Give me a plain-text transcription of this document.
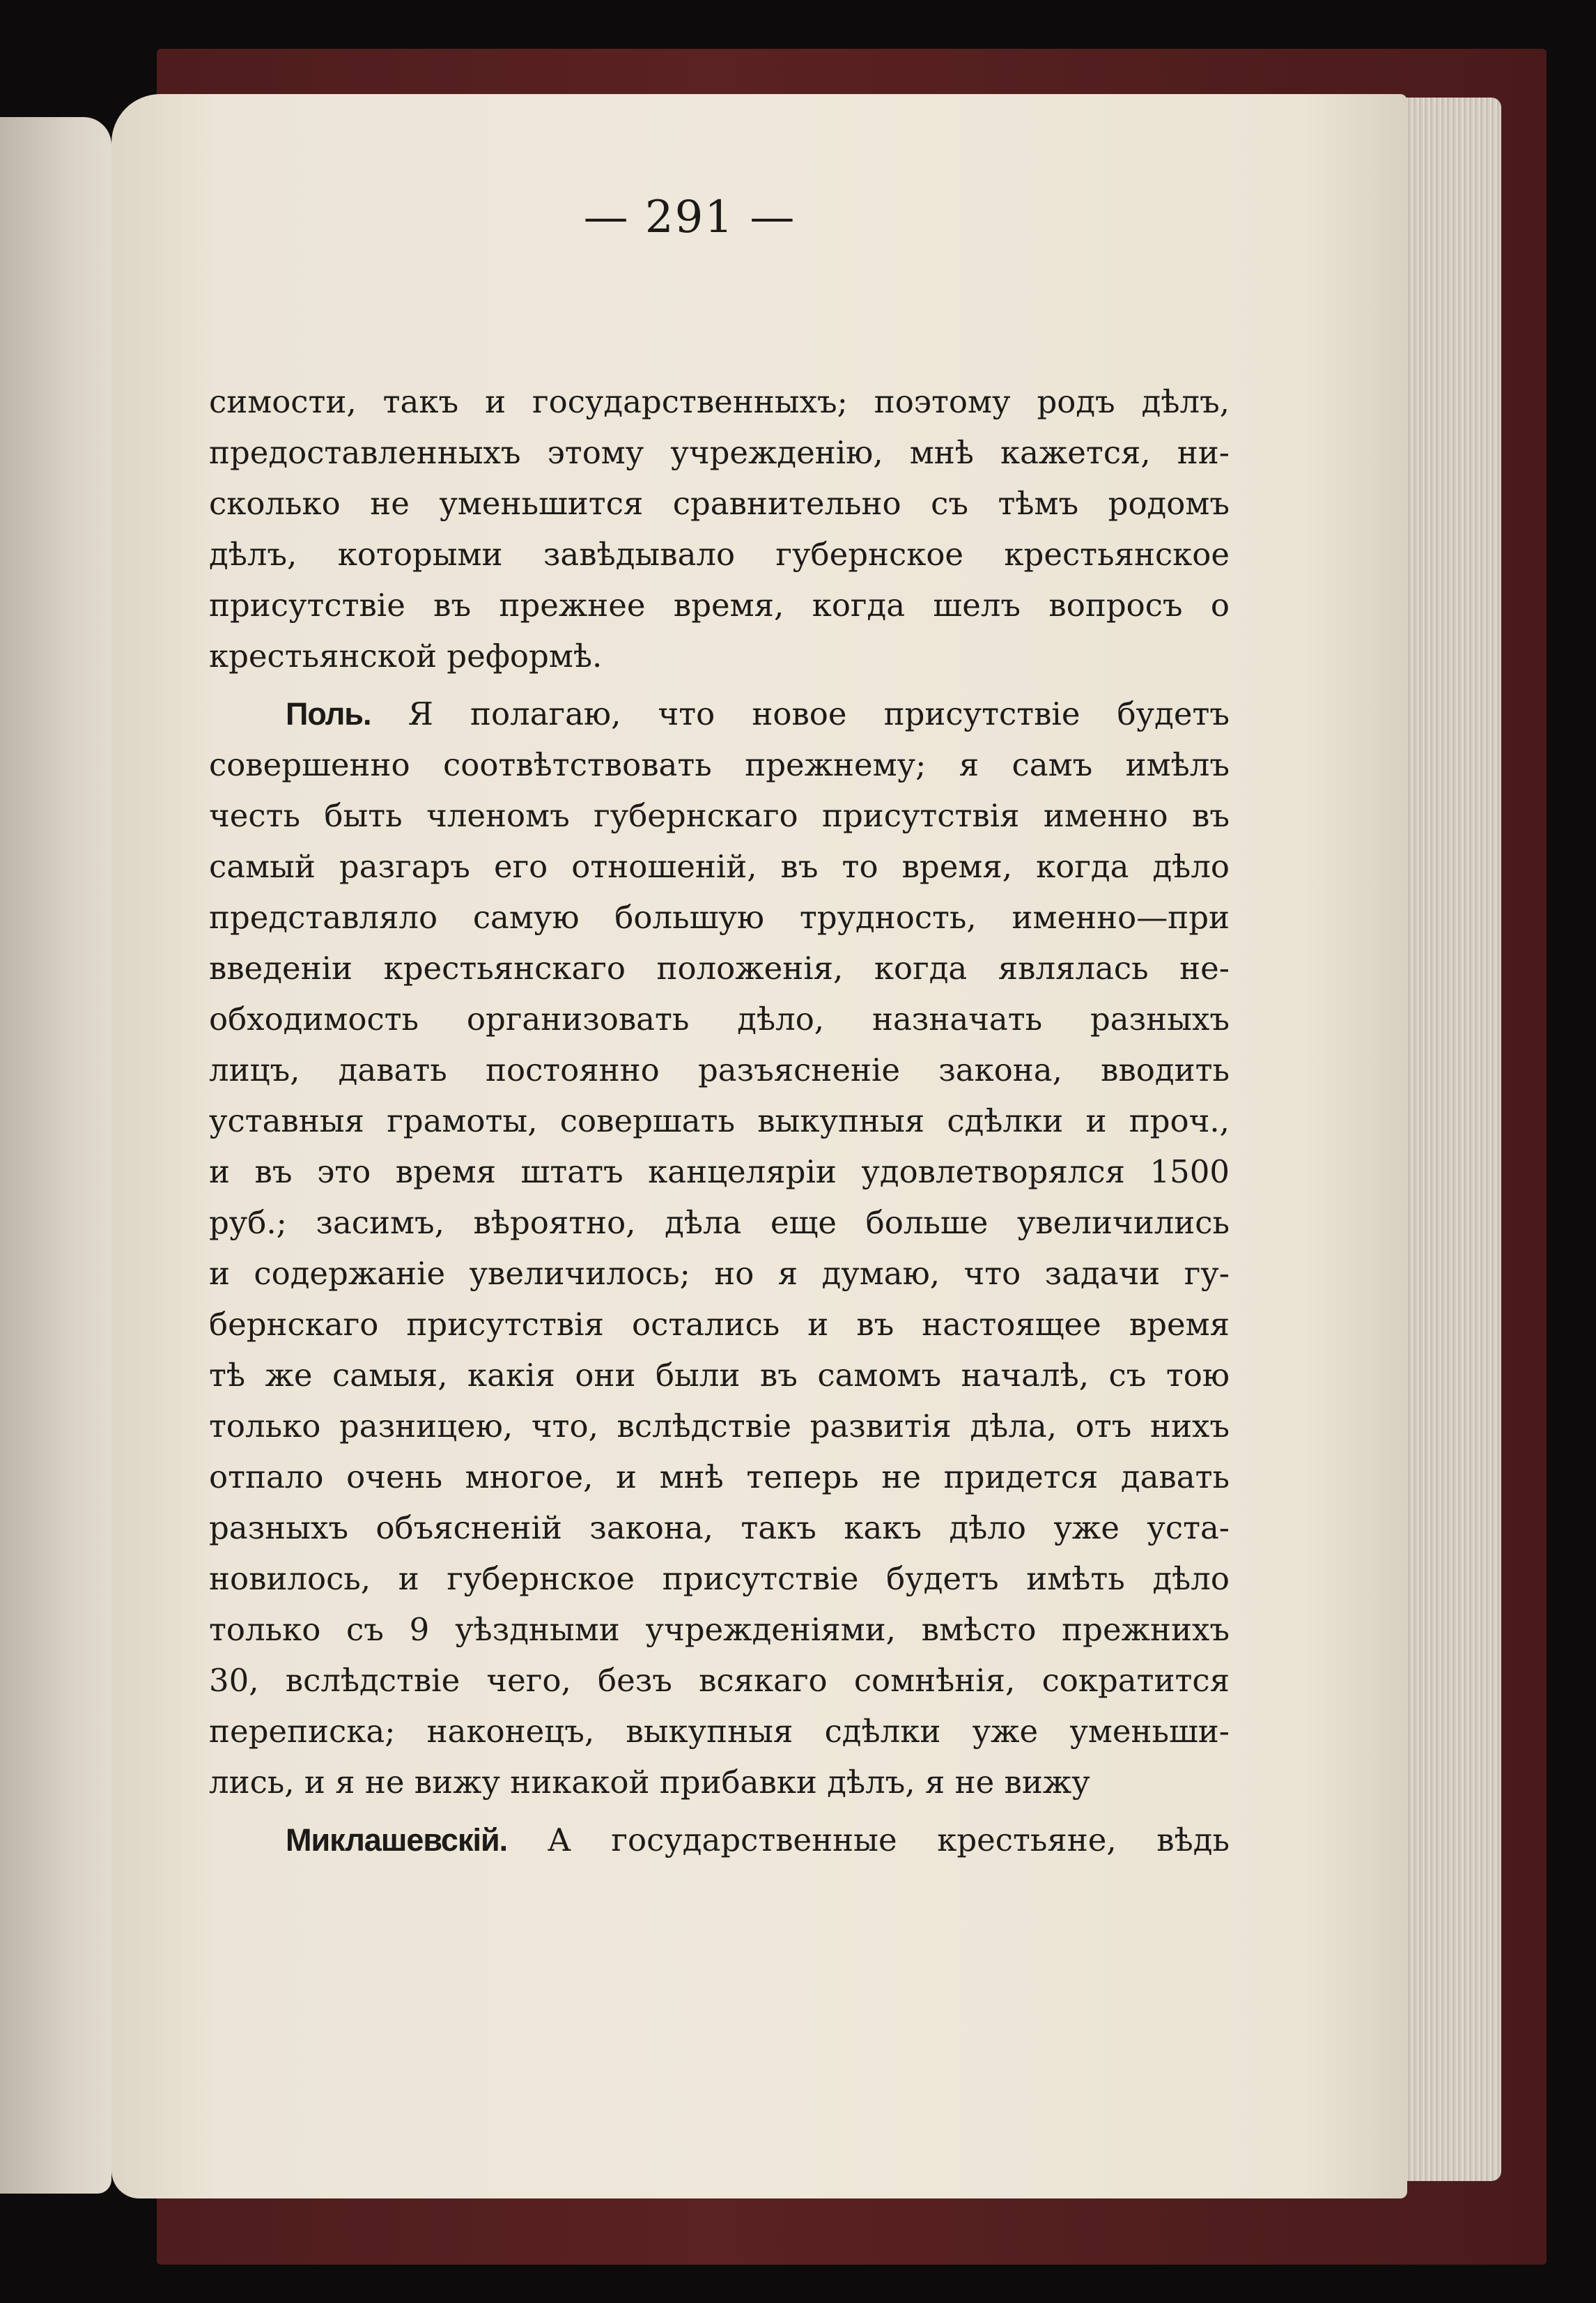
— 291 —
симости, такъ и государственныхъ; поэтому родъ дѣлъ,
предоставленныхъ этому учрежденію, мнѣ кажется, ни-
сколько не уменьшится сравнительно съ тѣмъ родомъ
дѣлъ, которыми завѣдывало губернское крестьянское
присутствіе въ прежнее время, когда шелъ вопросъ о
крестьянской реформѣ.
Поль. Я полагаю, что новое присутствіе будетъ
совершенно соотвѣтствовать прежнему; я самъ имѣлъ
честь быть членомъ губернскаго присутствія именно въ
самый разгаръ его отношеній, въ то время, когда дѣло
представляло самую большую трудность, именно—при
введеніи крестьянскаго положенія, когда являлась не-
обходимость организовать дѣло, назначать разныхъ
лицъ, давать постоянно разъясненіе закона, вводить
уставныя грамоты, совершать выкупныя сдѣлки и проч.,
и въ это время штатъ канцеляріи удовлетворялся 1500
руб.; засимъ, вѣроятно, дѣла еще больше увеличились
и содержаніе увеличилось; но я думаю, что задачи гу-
бернскаго присутствія остались и въ настоящее время
тѣ же самыя, какія они были въ самомъ началѣ, съ тою
только разницею, что, вслѣдствіе развитія дѣла, отъ нихъ
отпало очень многое, и мнѣ теперь не придется давать
разныхъ объясненій закона, такъ какъ дѣло уже уста-
новилось, и губернское присутствіе будетъ имѣть дѣло
только съ 9 уѣздными учрежденіями, вмѣсто прежнихъ
30, вслѣдствіе чего, безъ всякаго сомнѣнія, сократится
переписка; наконецъ, выкупныя сдѣлки уже уменьши-
лись, и я не вижу никакой прибавки дѣлъ, я не вижу
Миклашевскій. А государственные крестьяне, вѣдь
